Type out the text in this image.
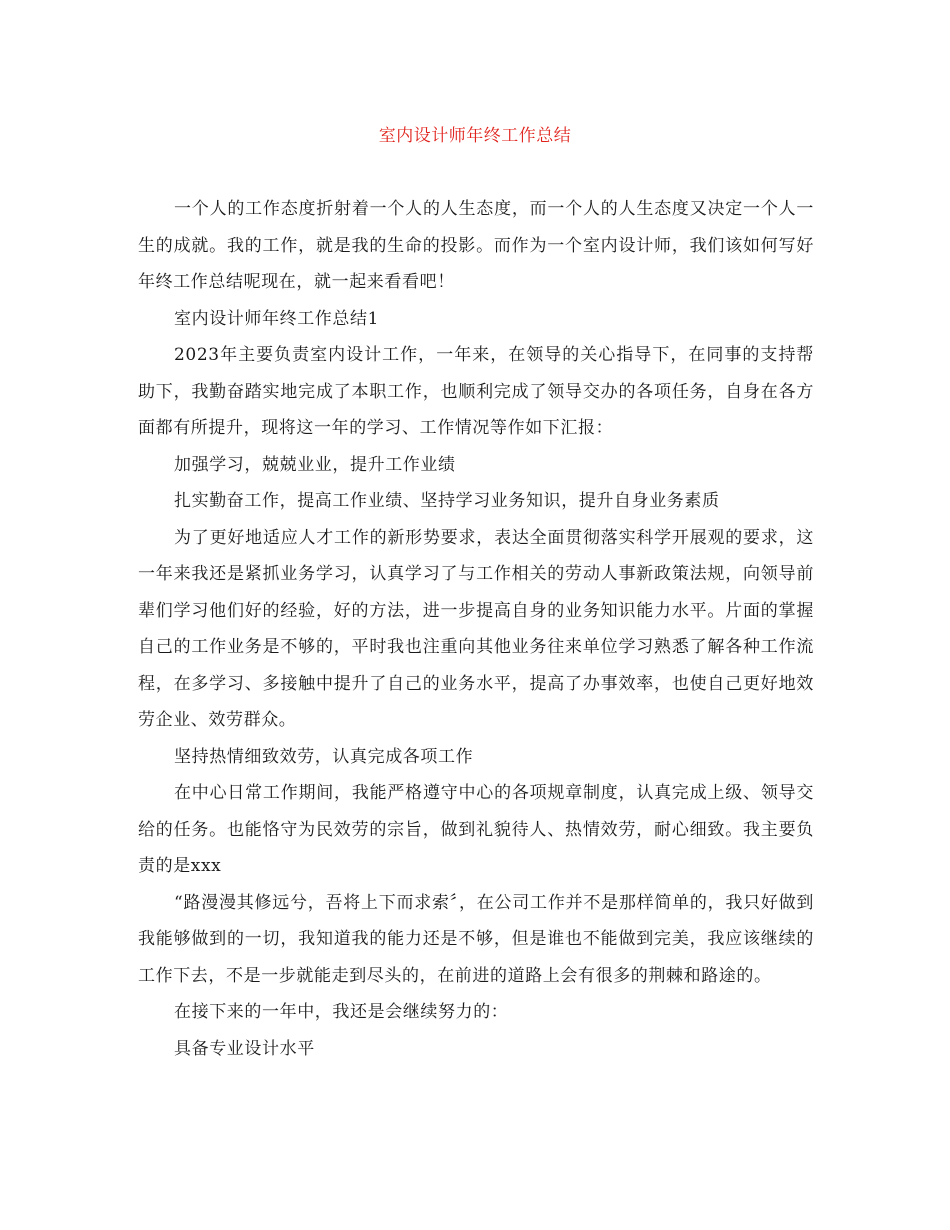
室内设计师年终工作总结

一个人的工作态度折射着一个人的人生态度，而一个人的人生态度又决定一个人一生的成就。我的工作，就是我的生命的投影。而作为一个室内设计师，我们该如何写好年终工作总结呢现在，就一起来看看吧！

室内设计师年终工作总结1

2023年主要负责室内设计工作，一年来，在领导的关心指导下，在同事的支持帮助下，我勤奋踏实地完成了本职工作，也顺利完成了领导交办的各项任务，自身在各方面都有所提升，现将这一年的学习、工作情况等作如下汇报：

加强学习，兢兢业业，提升工作业绩

扎实勤奋工作，提高工作业绩、坚持学习业务知识，提升自身业务素质

为了更好地适应人才工作的新形势要求，表达全面贯彻落实科学开展观的要求，这一年来我还是紧抓业务学习，认真学习了与工作相关的劳动人事新政策法规，向领导前辈们学习他们好的经验，好的方法，进一步提高自身的业务知识能力水平。片面的掌握自己的工作业务是不够的，平时我也注重向其他业务往来单位学习熟悉了解各种工作流程，在多学习、多接触中提升了自己的业务水平，提高了办事效率，也使自己更好地效劳企业、效劳群众。

坚持热情细致效劳，认真完成各项工作

在中心日常工作期间，我能严格遵守中心的各项规章制度，认真完成上级、领导交给的任务。也能恪守为民效劳的宗旨，做到礼貌待人、热情效劳，耐心细致。我主要负责的是xxx

“路漫漫其修远兮，吾将上下而求索〞，在公司工作并不是那样简单的，我只好做到我能够做到的一切，我知道我的能力还是不够，但是谁也不能做到完美，我应该继续的工作下去，不是一步就能走到尽头的，在前进的道路上会有很多的荆棘和路途的。

在接下来的一年中，我还是会继续努力的：

具备专业设计水平
